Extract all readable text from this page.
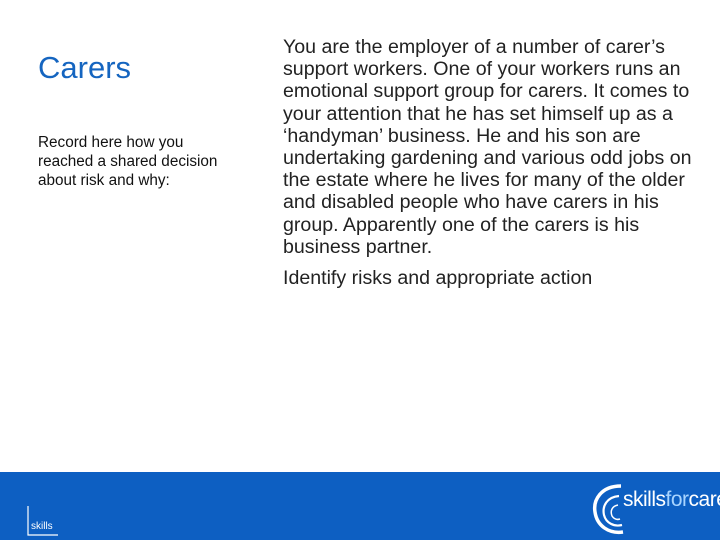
Carers
Record here how you reached a shared decision about risk and why:

You are the employer of a number of carer’s support workers. One of your workers runs an emotional support group for carers. It comes to your attention that he has set himself up as a ‘handyman’ business. He and his son are undertaking gardening and various odd jobs on the estate where he lives for many of the older and disabled people who have carers in his group. Apparently one of the carers is his business partner.

Identify risks and appropriate action

skills
skillsforcare
